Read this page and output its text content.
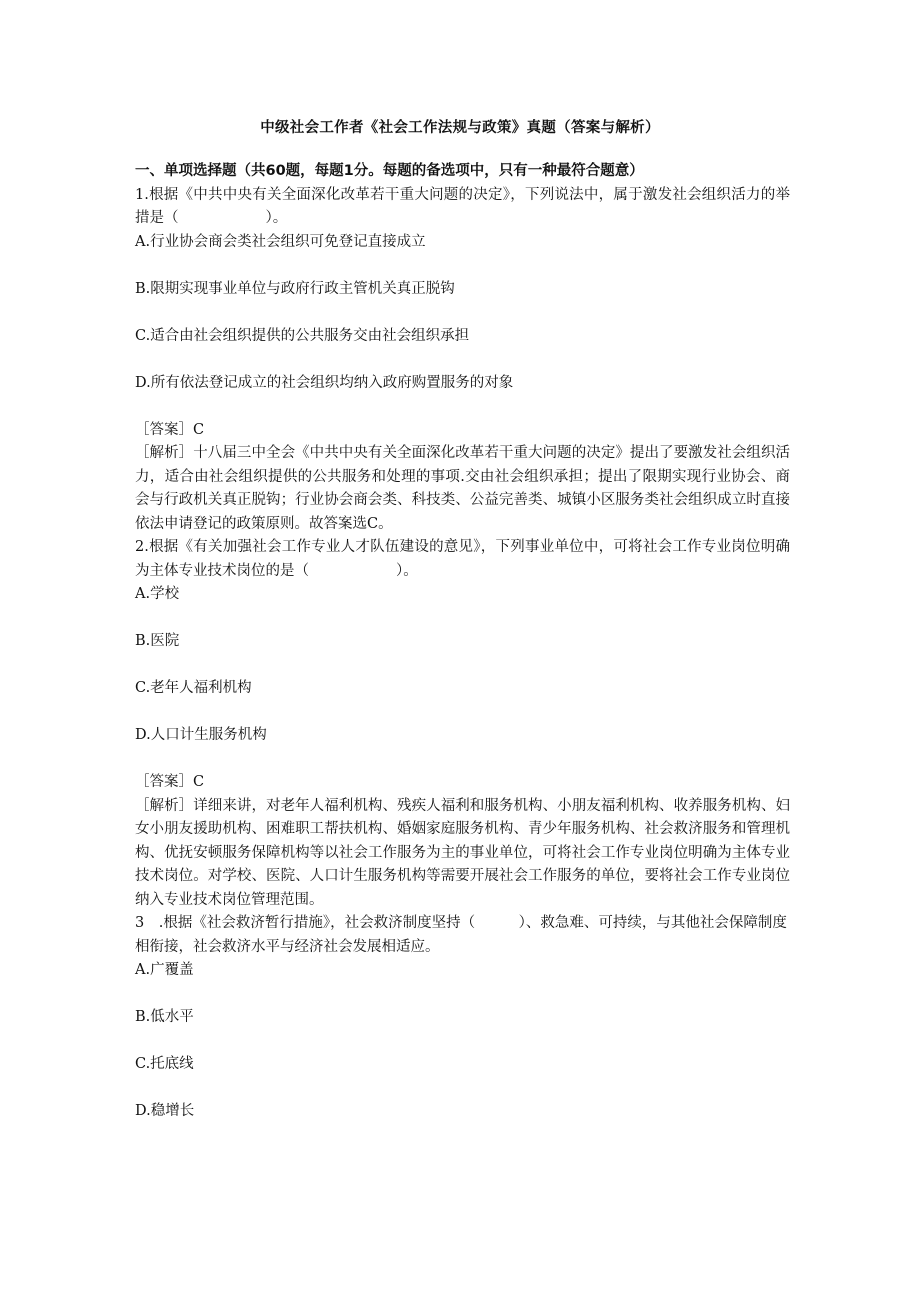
中级社会工作者《社会工作法规与政策》真题（答案与解析）

一、单项选择题（共60题，每题1分。每题的备选项中，只有一种最符合题意）

1.根据《中共中央有关全面深化改革若干重大问题的决定》，下列说法中，属于激发社会组织活力的举措是（　　　　　　）。

A.行业协会商会类社会组织可免登记直接成立

B.限期实现事业单位与政府行政主管机关真正脱钩

C.适合由社会组织提供的公共服务交由社会组织承担

D.所有依法登记成立的社会组织均纳入政府购置服务的对象

［答案］C

［解析］十八届三中全会《中共中央有关全面深化改革若干重大问题的决定》提出了要激发社会组织活力，适合由社会组织提供的公共服务和处理的事项.交由社会组织承担；提出了限期实现行业协会、商会与行政机关真正脱钩；行业协会商会类、科技类、公益完善类、城镇小区服务类社会组织成立时直接依法申请登记的政策原则。故答案选C。

2.根据《有关加强社会工作专业人才队伍建设的意见》，下列事业单位中，可将社会工作专业岗位明确为主体专业技术岗位的是（　　　　　　）。

A.学校

B.医院

C.老年人福利机构

D.人口计生服务机构

［答案］C

［解析］详细来讲，对老年人福利机构、残疾人福利和服务机构、小朋友福利机构、收养服务机构、妇女小朋友援助机构、困难职工帮扶机构、婚姻家庭服务机构、青少年服务机构、社会救济服务和管理机构、优抚安顿服务保障机构等以社会工作服务为主的事业单位，可将社会工作专业岗位明确为主体专业技术岗位。对学校、医院、人口计生服务机构等需要开展社会工作服务的单位，要将社会工作专业岗位纳入专业技术岗位管理范围。

3　.根据《社会救济暂行措施》，社会救济制度坚持（　　　）、救急难、可持续，与其他社会保障制度相衔接，社会救济水平与经济社会发展相适应。

A.广覆盖

B.低水平

C.托底线

D.稳增长
